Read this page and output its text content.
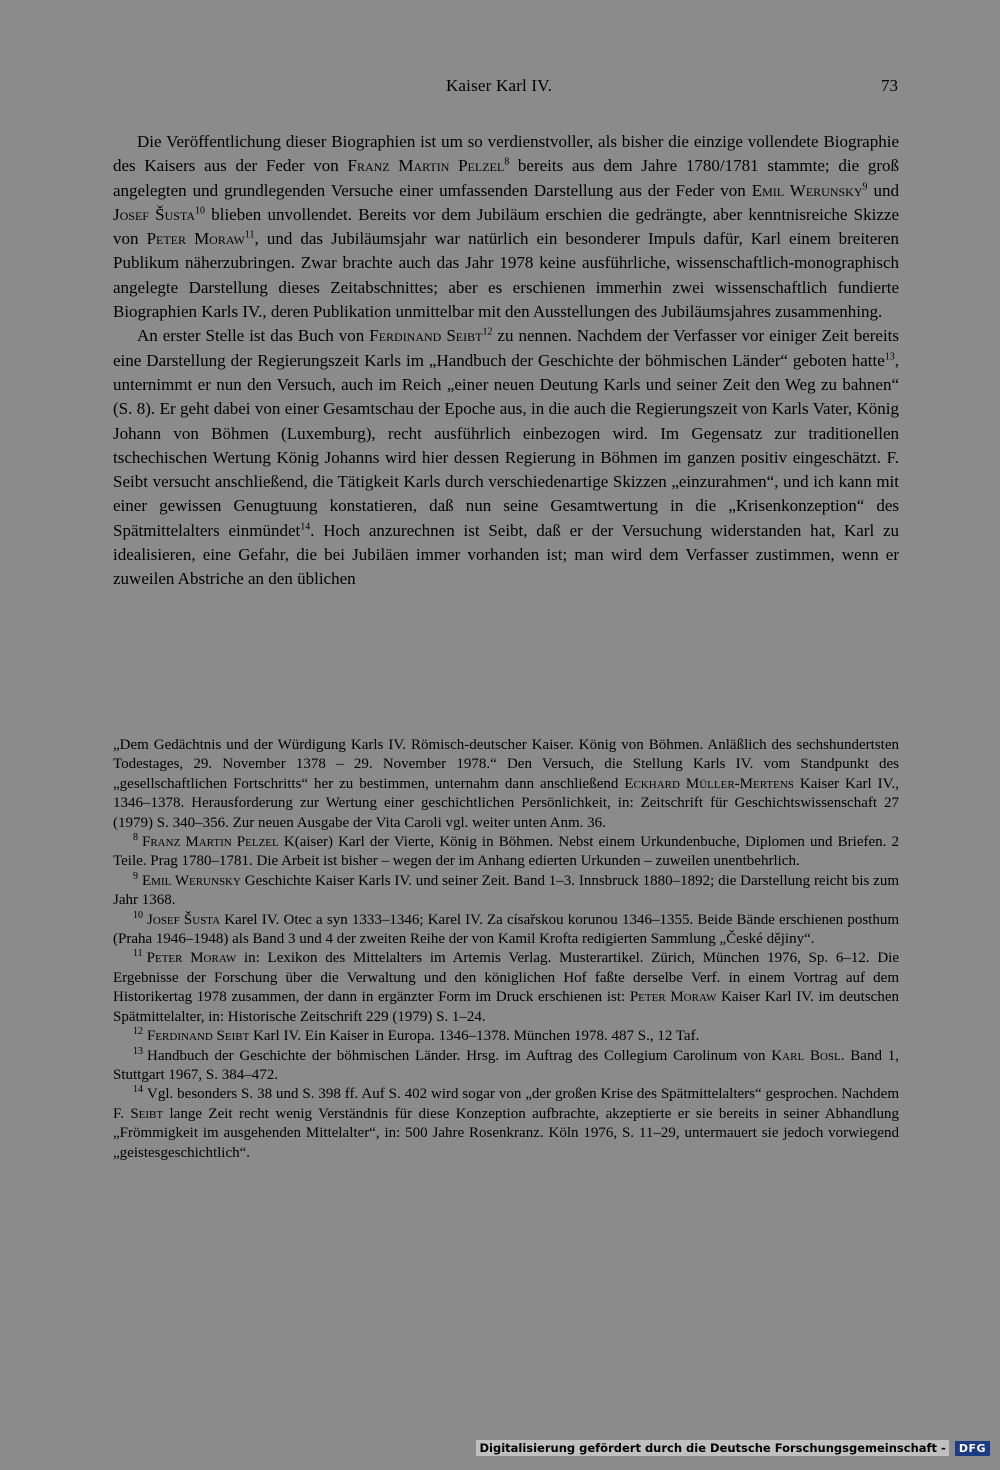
Kaiser Karl IV.	73

Die Veröffentlichung dieser Biographien ist um so verdienstvoller, als bisher die einzige vollendete Biographie des Kaisers aus der Feder von Franz Martin Pelzel$^8$ bereits aus dem Jahre 1780/1781 stammte; die groß angelegten und grundlegenden Versuche einer umfassenden Darstellung aus der Feder von Emil Werunsky$^9$ und Josef Šusta$^{10}$ blieben unvollendet. Bereits vor dem Jubiläum erschien die gedrängte, aber kenntnisreiche Skizze von Peter Moraw$^{11}$, und das Jubiläumsjahr war natürlich ein besonderer Impuls dafür, Karl einem breiteren Publikum näherzubringen. Zwar brachte auch das Jahr 1978 keine ausführliche, wissenschaftlich-monographisch angelegte Darstellung dieses Zeitabschnittes; aber es erschienen immerhin zwei wissenschaftlich fundierte Biographien Karls IV., deren Publikation unmittelbar mit den Ausstellungen des Jubiläumsjahres zusammenhing.

An erster Stelle ist das Buch von Ferdinand Seibt$^{12}$ zu nennen. Nachdem der Verfasser vor einiger Zeit bereits eine Darstellung der Regierungszeit Karls im „Handbuch der Geschichte der böhmischen Länder“ geboten hatte$^{13}$, unternimmt er nun den Versuch, auch im Reich „einer neuen Deutung Karls und seiner Zeit den Weg zu bahnen“ (S. 8). Er geht dabei von einer Gesamtschau der Epoche aus, in die auch die Regierungszeit von Karls Vater, König Johann von Böhmen (Luxemburg), recht ausführlich einbezogen wird. Im Gegensatz zur traditionellen tschechischen Wertung König Johanns wird hier dessen Regierung in Böhmen im ganzen positiv eingeschätzt. F. Seibt versucht anschließend, die Tätigkeit Karls durch verschiedenartige Skizzen „einzurahmen“, und ich kann mit einer gewissen Genugtuung konstatieren, daß nun seine Gesamtwertung in die „Krisenkonzeption“ des Spätmittelalters einmündet$^{14}$. Hoch anzurechnen ist Seibt, daß er der Versuchung widerstanden hat, Karl zu idealisieren, eine Gefahr, die bei Jubiläen immer vorhanden ist; man wird dem Verfasser zustimmen, wenn er zuweilen Abstriche an den üblichen

„Dem Gedächtnis und der Würdigung Karls IV. Römisch-deutscher Kaiser. König von Böhmen. Anläßlich des sechshundertsten Todestages, 29. November 1378 – 29. November 1978.“ Den Versuch, die Stellung Karls IV. vom Standpunkt des „gesellschaftlichen Fortschritts“ her zu bestimmen, unternahm dann anschließend Eckhard Müller-Mertens Kaiser Karl IV., 1346–1378. Herausforderung zur Wertung einer geschichtlichen Persönlichkeit, in: Zeitschrift für Geschichtswissenschaft 27 (1979) S. 340–356. Zur neuen Ausgabe der Vita Caroli vgl. weiter unten Anm. 36.

$^8$ Franz Martin Pelzel K(aiser) Karl der Vierte, König in Böhmen. Nebst einem Urkundenbuche, Diplomen und Briefen. 2 Teile. Prag 1780–1781. Die Arbeit ist bisher – wegen der im Anhang edierten Urkunden – zuweilen unentbehrlich.

$^9$ Emil Werunsky Geschichte Kaiser Karls IV. und seiner Zeit. Band 1–3. Innsbruck 1880–1892; die Darstellung reicht bis zum Jahr 1368.

$^{10}$ Josef Šusta Karel IV. Otec a syn 1333–1346; Karel IV. Za císařskou korunou 1346–1355. Beide Bände erschienen posthum (Praha 1946–1948) als Band 3 und 4 der zweiten Reihe der von Kamil Krofta redigierten Sammlung „České dějiny“.

$^{11}$ Peter Moraw in: Lexikon des Mittelalters im Artemis Verlag. Musterartikel. Zürich, München 1976, Sp. 6–12. Die Ergebnisse der Forschung über die Verwaltung und den königlichen Hof faßte derselbe Verf. in einem Vortrag auf dem Historikertag 1978 zusammen, der dann in ergänzter Form im Druck erschienen ist: Peter Moraw Kaiser Karl IV. im deutschen Spätmittelalter, in: Historische Zeitschrift 229 (1979) S. 1–24.

$^{12}$ Ferdinand Seibt Karl IV. Ein Kaiser in Europa. 1346–1378. München 1978. 487 S., 12 Taf.

$^{13}$ Handbuch der Geschichte der böhmischen Länder. Hrsg. im Auftrag des Collegium Carolinum von Karl Bosl. Band 1, Stuttgart 1967, S. 384–472.

$^{14}$ Vgl. besonders S. 38 und S. 398 ff. Auf S. 402 wird sogar von „der großen Krise des Spätmittelalters“ gesprochen. Nachdem F. Seibt lange Zeit recht wenig Verständnis für diese Konzeption aufbrachte, akzeptierte er sie bereits in seiner Abhandlung „Frömmigkeit im ausgehenden Mittelalter“, in: 500 Jahre Rosenkranz. Köln 1976, S. 11–29, untermauert sie jedoch vorwiegend „geistesgeschichtlich“.

Digitalisierung gefördert durch die Deutsche Forschungsgemeinschaft -	DFG
